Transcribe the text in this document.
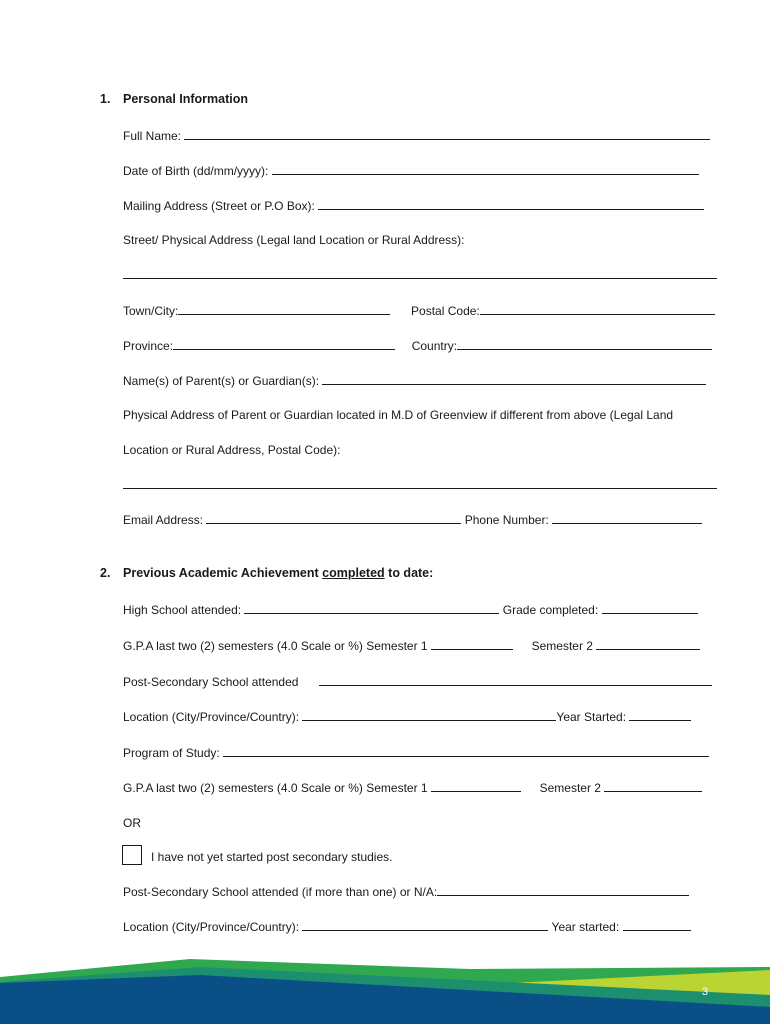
1. Personal Information
Full Name:
Date of Birth (dd/mm/yyyy):
Mailing Address (Street or P.O Box):
Street/ Physical Address (Legal land Location or Rural Address):
Town/City:	Postal Code:
Province:	Country:
Name(s) of Parent(s) or Guardian(s):
Physical Address of Parent or Guardian located in M.D of Greenview if different from above (Legal Land
Location or Rural Address, Postal Code):
Email Address:	Phone Number:
2. Previous Academic Achievement completed to date:
High School attended:	Grade completed:
G.P.A last two (2) semesters (4.0 Scale or %) Semester 1	Semester 2
Post-Secondary School attended
Location (City/Province/Country):	Year Started:
Program of Study:
G.P.A last two (2) semesters (4.0 Scale or %) Semester 1	Semester 2
OR
I have not yet started post secondary studies.
Post-Secondary School attended (if more than one) or N/A:
Location (City/Province/Country):	Year started:
3
